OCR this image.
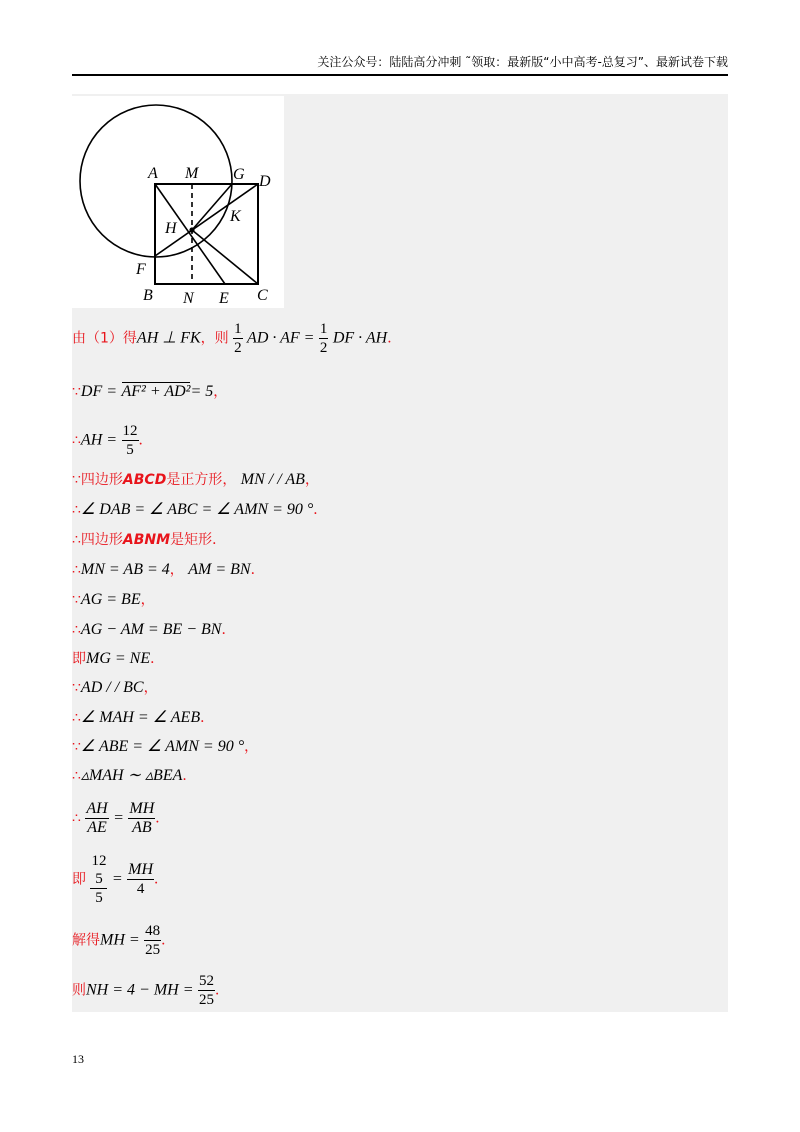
关注公众号：陆陆高分冲刺 ˜领取：最新版“小中高考-总复习”、最新试卷下载
A M G D
H
K
F
B N E C
由（1）得AH ⊥ FK，则 $\frac{1}{2}$ AD · AF = $\frac{1}{2}$ DF · AH．
∵DF = AF² + AD²= 5，
∴AH = $\frac{12}{5}$ ．
∵四边形ABCD是正方形， MN / / AB，
∴∠ DAB = ∠ ABC = ∠ AMN = 90 °．
∴四边形ABNM是矩形．
∴MN = AB = 4， AM = BN．
∵AG = BE，
∴AG − AM = BE − BN．
即MG = NE．
∵AD / / BC，
∴∠ MAH = ∠ AEB．
∵∠ ABE = ∠ AMN = 90 °，
∴▵MAH ∼ ▵BEA．
∴ $\frac{AH}{AE} = \frac{MH}{AB}$ ．
即
12
5
5
= $\frac{MH}{4}$ ．
解得MH = $\frac{48}{25}$ ．
则NH = 4 − MH = $\frac{52}{25}$ ．
13
